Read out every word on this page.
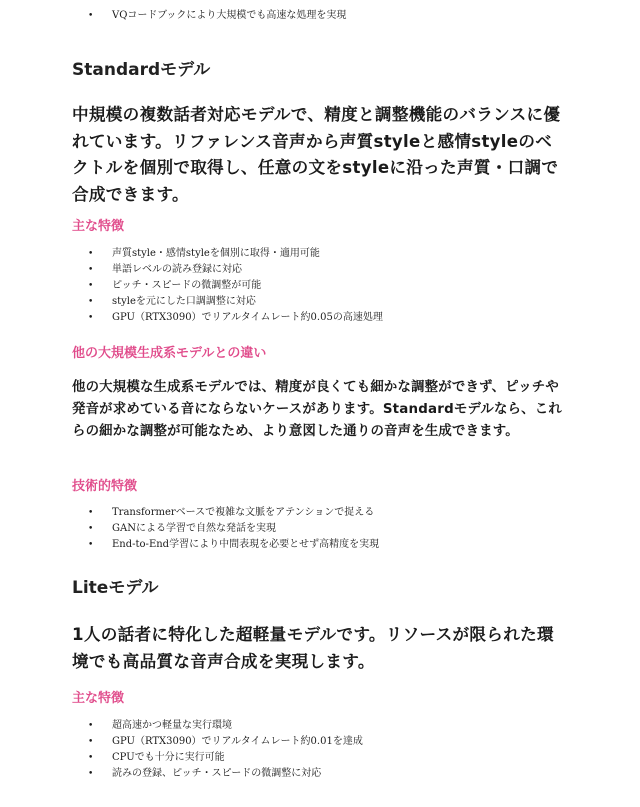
• VQコードブックにより大規模でも高速な処理を実現
Standardモデル
中規模の複数話者対応モデルで、精度と調整機能のバランスに優れています。リファレンス音声から声質styleと感情styleのベクトルを個別で取得し、任意の文をstyleに沿った声質・口調で合成できます。
主な特徴
• 声質style・感情styleを個別に取得・適用可能
• 単語レベルの読み登録に対応
• ピッチ・スピードの微調整が可能
• styleを元にした口調調整に対応
• GPU（RTX3090）でリアルタイムレート約0.05の高速処理
他の大規模生成系モデルとの違い
他の大規模な生成系モデルでは、精度が良くても細かな調整ができず、ピッチや発音が求めている音にならないケースがあります。Standardモデルなら、これらの細かな調整が可能なため、より意図した通りの音声を生成できます。
技術的特徴
• Transformerベースで複雑な文脈をアテンションで捉える
• GANによる学習で自然な発話を実現
• End-to-End学習により中間表現を必要とせず高精度を実現
Liteモデル
1人の話者に特化した超軽量モデルです。リソースが限られた環境でも高品質な音声合成を実現します。
主な特徴
• 超高速かつ軽量な実行環境
• GPU（RTX3090）でリアルタイムレート約0.01を達成
• CPUでも十分に実行可能
• 読みの登録、ピッチ・スピードの微調整に対応
